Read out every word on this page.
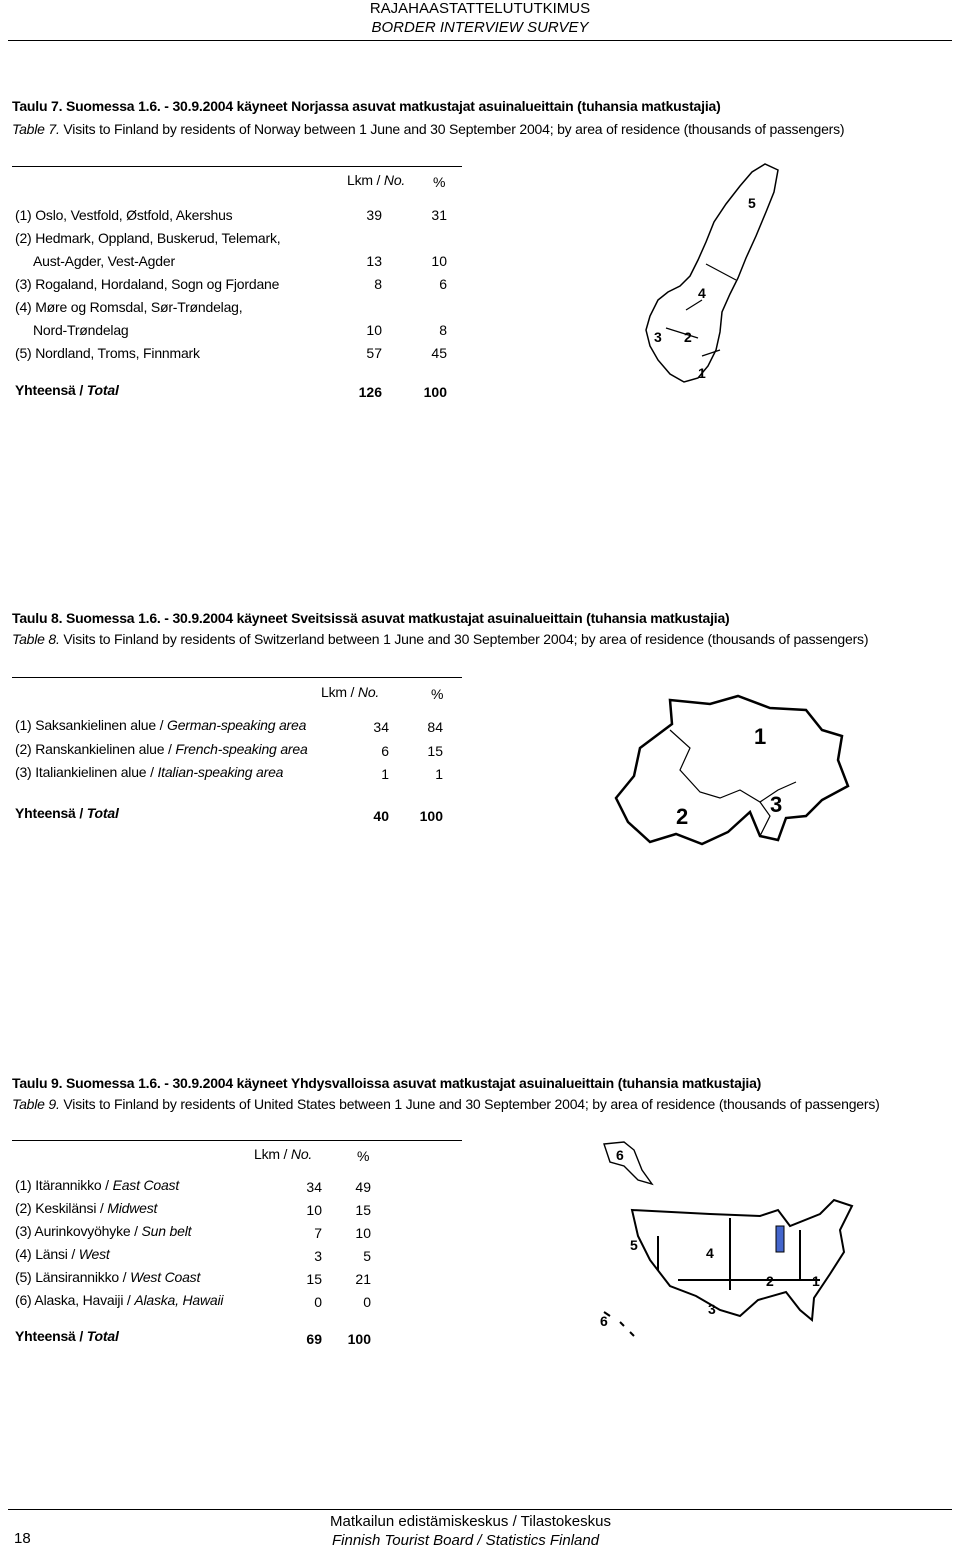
RAJAHAASTATTELUTUTKIMUS
BORDER INTERVIEW SURVEY
Taulu 7. Suomessa 1.6. - 30.9.2004 käyneet Norjassa asuvat matkustajat asuinalueittain (tuhansia matkustajia)
Table 7. Visits to Finland by residents of Norway between 1 June and 30 September 2004; by area of residence (thousands of passengers)
Lkm / No. %
(1) Oslo, Vestfold, Østfold, Akershus	39	31
(2) Hedmark, Oppland, Buskerud, Telemark,
Aust-Agder, Vest-Agder	13	10
(3) Rogaland, Hordaland, Sogn og Fjordane	8	6
(4) Møre og Romsdal, Sør-Trøndelag,
Nord-Trøndelag	10	8
(5) Nordland, Troms, Finnmark	57	45
Yhteensä / Total	126	100
5
4
3 2
1
Taulu 8. Suomessa 1.6. - 30.9.2004 käyneet Sveitsissä asuvat matkustajat asuinalueittain (tuhansia matkustajia)
Table 8. Visits to Finland by residents of Switzerland between 1 June and 30 September 2004; by area of residence (thousands of passengers)
Lkm / No.	%
(1) Saksankielinen alue / German-speaking area	34	84
(2) Ranskankielinen alue / French-speaking area	6	15
(3) Italiankielinen alue / Italian-speaking area	1	1
Yhteensä / Total	40	100
1
2	3
Taulu 9. Suomessa 1.6. - 30.9.2004 käyneet Yhdysvalloissa asuvat matkustajat asuinalueittain (tuhansia matkustajia)
Table 9. Visits to Finland by residents of United States between 1 June and 30 September 2004; by area of residence (thousands of passengers)
Lkm / No.	%
(1) Itärannikko / East Coast	34	49
(2) Keskilänsi / Midwest	10	15
(3) Aurinkovyöhyke / Sun belt	7	10
(4) Länsi / West	3	5
(5) Länsirannikko / West Coast	15	21
(6) Alaska, Havaiji / Alaska, Hawaii	0	0
Yhteensä / Total	69	100
6
5	4
2	1
3
6
18
Matkailun edistämiskeskus / Tilastokeskus
Finnish Tourist Board / Statistics Finland
